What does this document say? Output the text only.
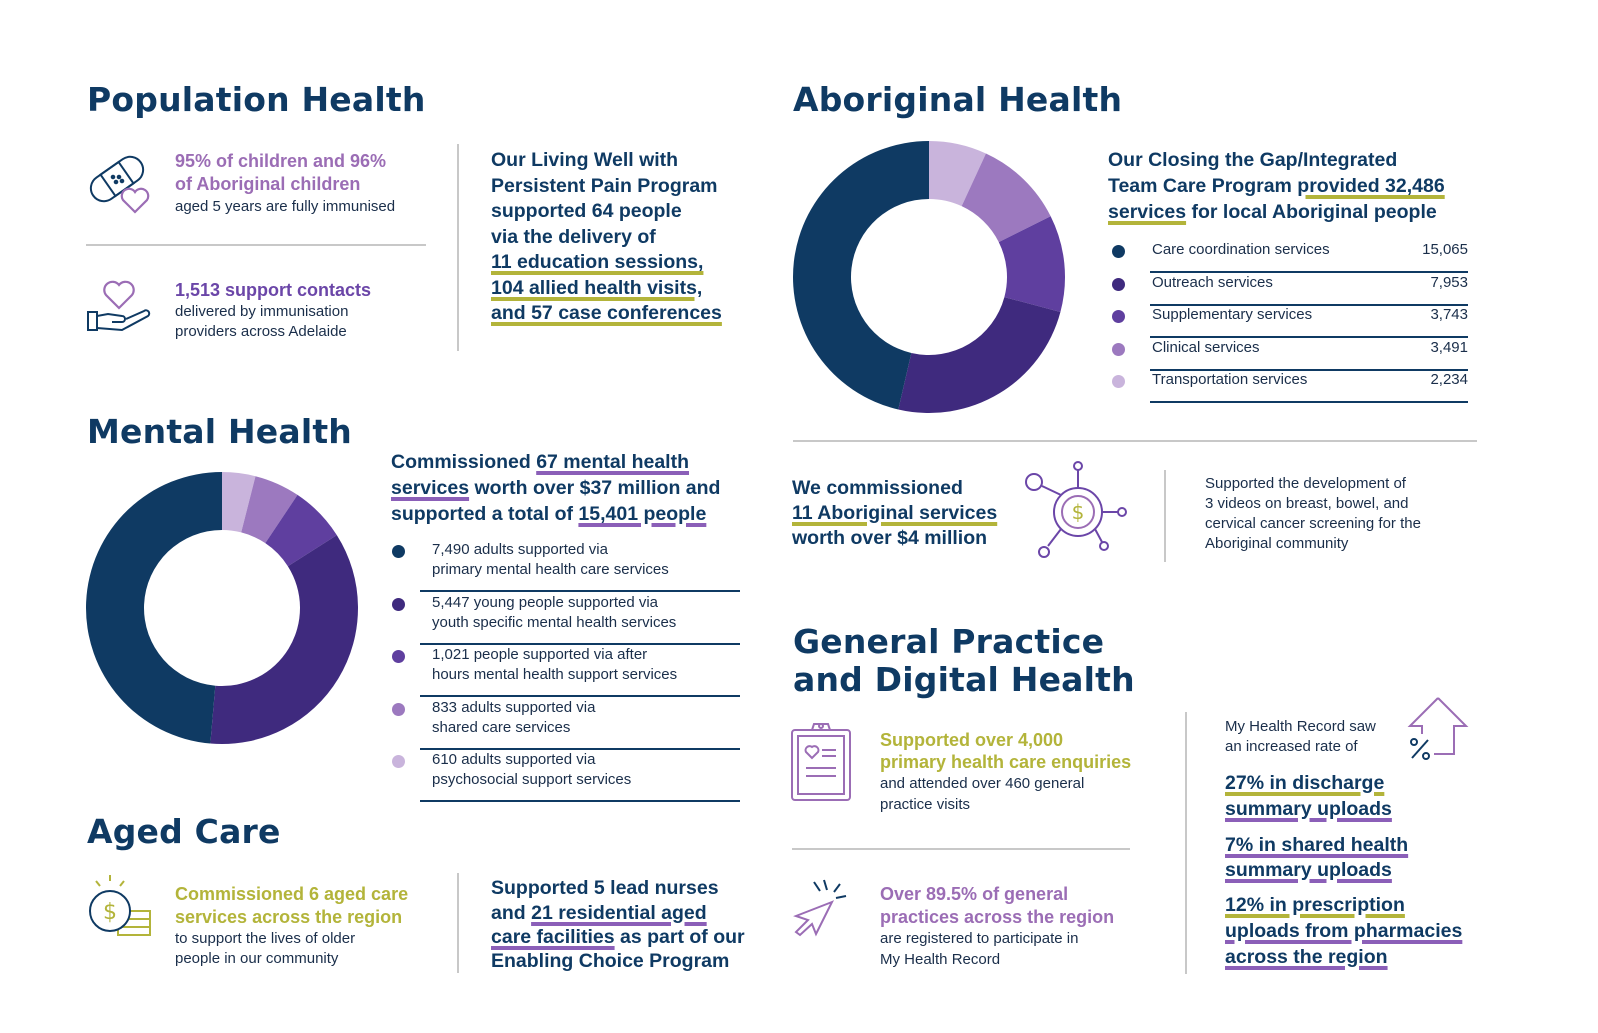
Population Health
95% of children and 96%
of Aboriginal children
aged 5 years are fully immunised
1,513 support contacts
delivered by immunisation
providers across Adelaide
Our Living Well with
Persistent Pain Program
supported 64 people
via the delivery of
11 education sessions,
104 allied health visits,
and 57 case conferences
Aboriginal Health
Our Closing the Gap/Integrated
Team Care Program provided 32,486
services for local Aboriginal people
Care coordination services	15,065
Outreach services	7,953
Supplementary services	3,743
Clinical services	3,491
Transportation services	2,234
We commissioned
11 Aboriginal services
worth over $4 million
$
Supported the development of
3 videos on breast, bowel, and
cervical cancer screening for the
Aboriginal community
Mental Health
Commissioned 67 mental health
services worth over $37 million and
supported a total of 15,401 people
7,490 adults supported via
primary mental health care services
5,447 young people supported via
youth specific mental health services
1,021 people supported via after
hours mental health support services
833 adults supported via
shared care services
610 adults supported via
psychosocial support services
Aged Care
$
Commissioned 6 aged care
services across the region
to support the lives of older
people in our community
Supported 5 lead nurses
and 21 residential aged
care facilities as part of our
Enabling Choice Program
General Practice
and Digital Health
Supported over 4,000
primary health care enquiries
and attended over 460 general
practice visits
Over 89.5% of general
practices across the region
are registered to participate in
My Health Record
My Health Record saw
an increased rate of
27% in discharge
summary uploads
7% in shared health
summary uploads
12% in prescription
uploads from pharmacies
across the region
